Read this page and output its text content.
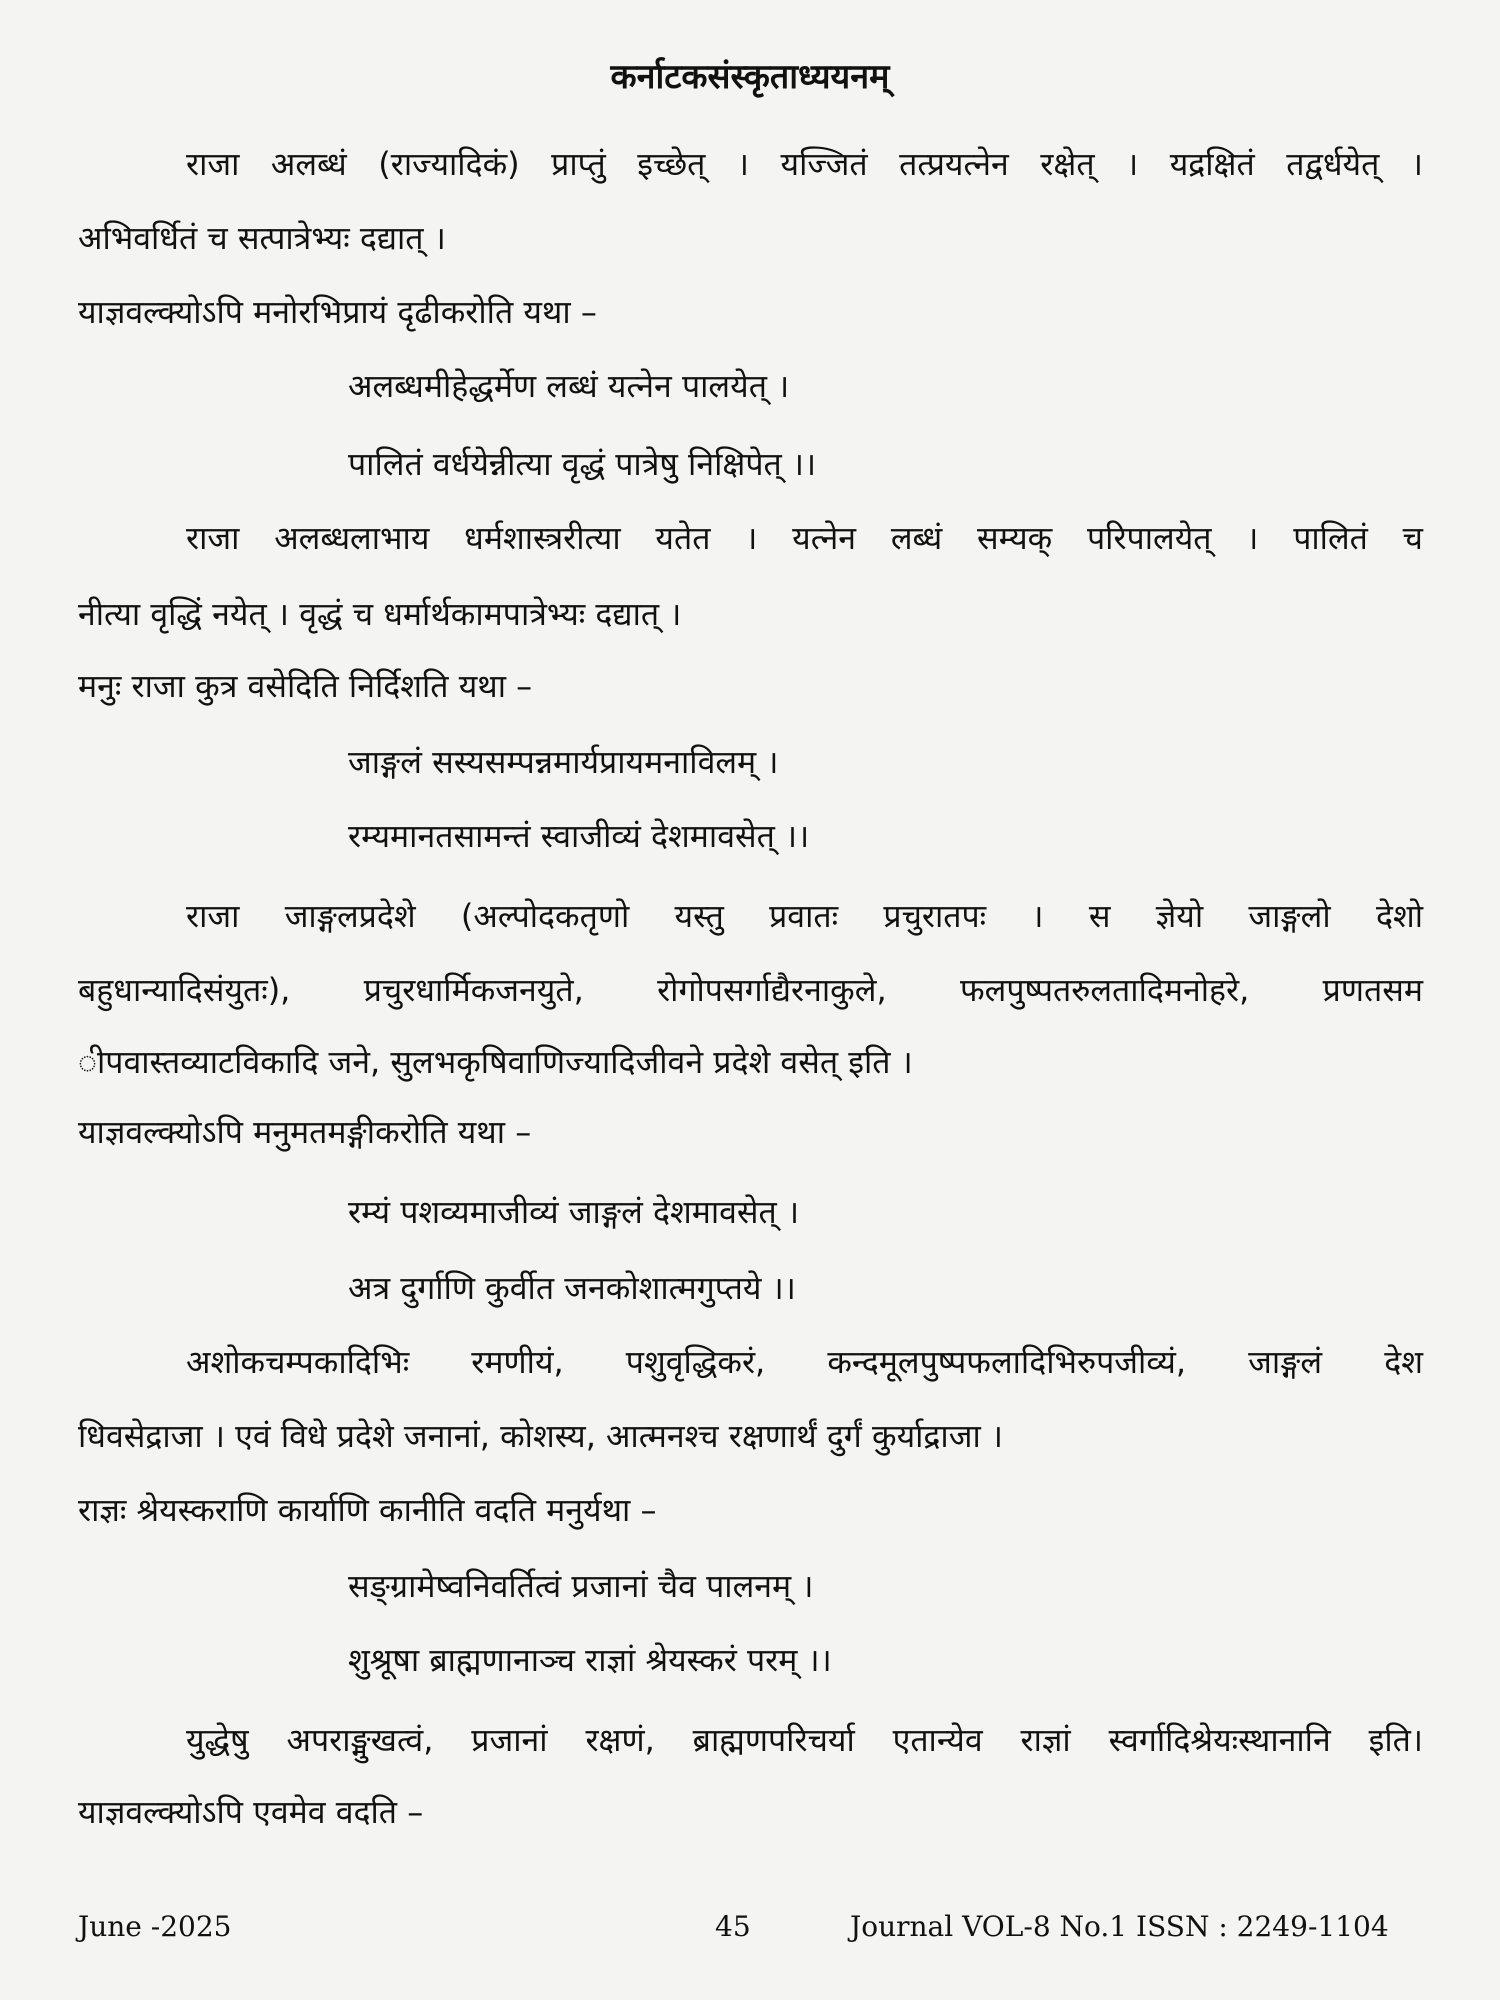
कर्नाटकसंस्कृताध्ययनम्
राजा अलब्धं (राज्यादिकं) प्राप्तुं इच्छेत् । यज्जितं तत्प्रयत्नेन रक्षेत् । यद्रक्षितं तद्वर्धयेत् ।
अभिवर्धितं च सत्पात्रेभ्यः दद्यात् ।
याज्ञवल्क्योऽपि मनोरभिप्रायं दृढीकरोति यथा –
अलब्धमीहेद्धर्मेण लब्धं यत्नेन पालयेत् ।
पालितं वर्धयेन्नीत्या वृद्धं पात्रेषु निक्षिपेत् ।।
राजा अलब्धलाभाय धर्मशास्त्ररीत्या यतेत । यत्नेन लब्धं सम्यक् परिपालयेत् । पालितं च
नीत्या वृद्धिं नयेत् । वृद्धं च धर्मार्थकामपात्रेभ्यः दद्यात् ।
मनुः राजा कुत्र वसेदिति निर्दिशति यथा –
जाङ्गलं सस्यसम्पन्नमार्यप्रायमनाविलम् ।
रम्यमानतसामन्तं स्वाजीव्यं देशमावसेत् ।।
राजा जाङ्गलप्रदेशे (अल्पोदकतृणो यस्तु प्रवातः प्रचुरातपः । स ज्ञेयो जाङ्गलो देशो
बहुधान्यादिसंयुतः), प्रचुरधार्मिकजनयुते, रोगोपसर्गाद्यैरनाकुले, फलपुष्पतरुलतादिमनोहरे, प्रणतसम
ीपवास्तव्याटविकादि जने, सुलभकृषिवाणिज्यादिजीवने प्रदेशे वसेत् इति ।
याज्ञवल्क्योऽपि मनुमतमङ्गीकरोति यथा –
रम्यं पशव्यमाजीव्यं जाङ्गलं देशमावसेत् ।
अत्र दुर्गाणि कुर्वीत जनकोशात्मगुप्तये ।।
अशोकचम्पकादिभिः रमणीयं, पशुवृद्धिकरं, कन्दमूलपुष्पफलादिभिरुपजीव्यं, जाङ्गलं देश
धिवसेद्राजा । एवं विधे प्रदेशे जनानां, कोशस्य, आत्मनश्च रक्षणार्थं दुर्गं कुर्याद्राजा ।
राज्ञः श्रेयस्कराणि कार्याणि कानीति वदति मनुर्यथा –
सङ्ग्रामेष्वनिवर्तित्वं प्रजानां चैव पालनम् ।
शुश्रूषा ब्राह्मणानाञ्च राज्ञां श्रेयस्करं परम् ।।
युद्धेषु अपराङ्मुखत्वं, प्रजानां रक्षणं, ब्राह्मणपरिचर्या एतान्येव राज्ञां स्वर्गादिश्रेयःस्थानानि इति।
याज्ञवल्क्योऽपि एवमेव वदति –
June -2025	45	Journal VOL-8 No.1 ISSN : 2249-1104
